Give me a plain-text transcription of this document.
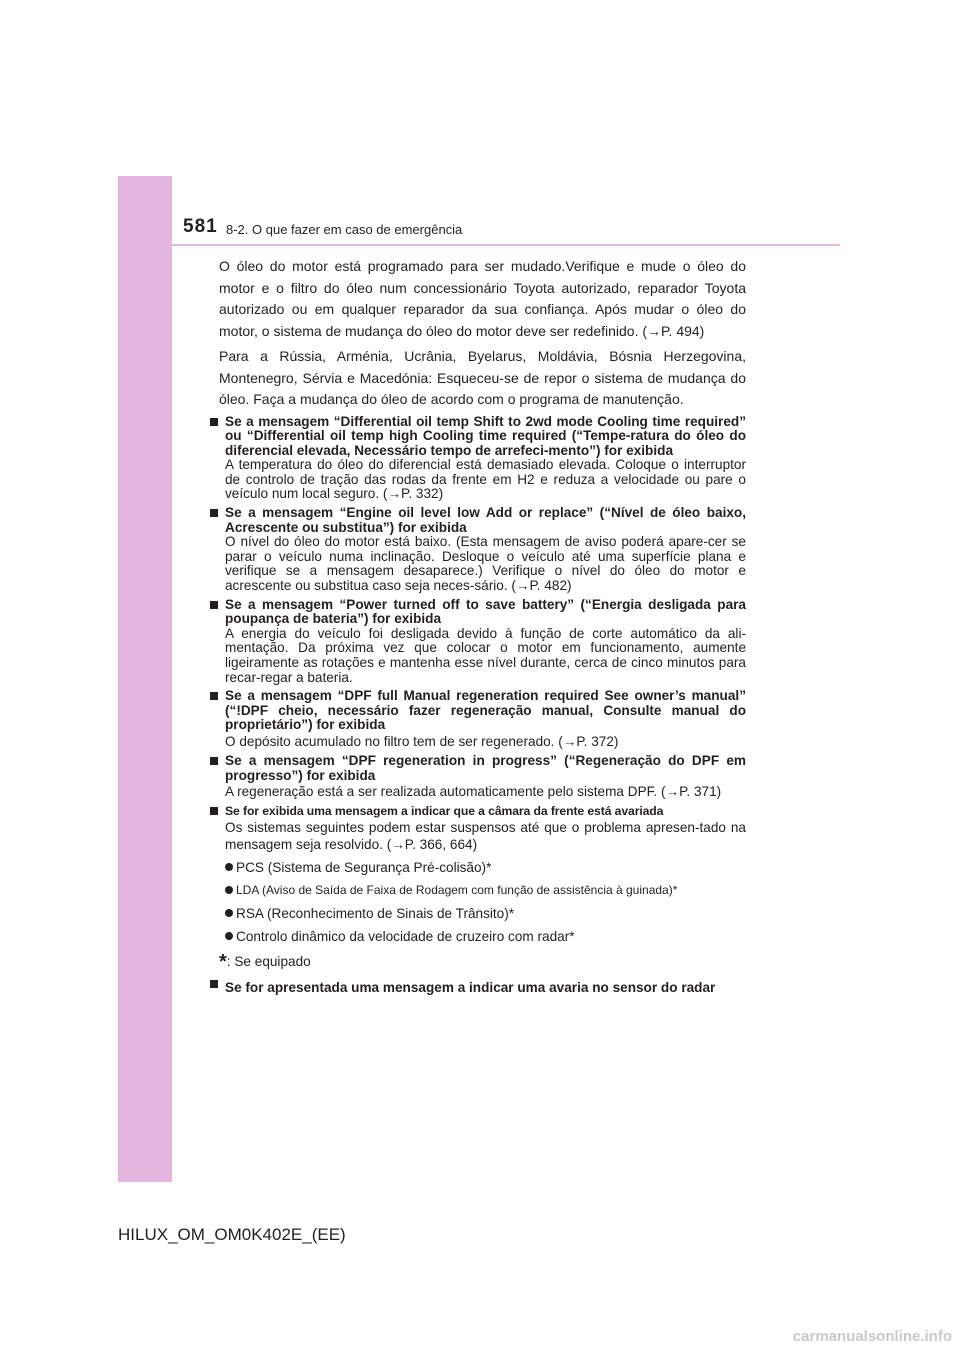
581 8-2. O que fazer em caso de emergência

O óleo do motor está programado para ser mudado.Verifique e mude o óleo do motor e o filtro do óleo num concessionário Toyota autorizado, reparador Toyota autorizado ou em qualquer reparador da sua confiança. Após mudar o óleo do motor, o sistema de mudança do óleo do motor deve ser redefinido. (→P. 494)

Para a Rússia, Arménia, Ucrânia, Byelarus, Moldávia, Bósnia Herzegovina, Montenegro, Sérvia e Macedónia: Esqueceu-se de repor o sistema de mudança do óleo. Faça a mudança do óleo de acordo com o programa de manutenção.

Se a mensagem “Differential oil temp Shift to 2wd mode Cooling time required” ou “Differential oil temp high Cooling time required (“Tempe-ratura do óleo do diferencial elevada, Necessário tempo de arrefeci-mento”) for exibida
A temperatura do óleo do diferencial está demasiado elevada. Coloque o interruptor de controlo de tração das rodas da frente em H2 e reduza a velocidade ou pare o veículo num local seguro. (→P. 332)
Se a mensagem “Engine oil level low Add or replace” (“Nível de óleo baixo, Acrescente ou substitua”) for exibida
O nível do óleo do motor está baixo. (Esta mensagem de aviso poderá apare-cer se parar o veículo numa inclinação. Desloque o veículo até uma superfície plana e verifique se a mensagem desaparece.) Verifique o nível do óleo do motor e acrescente ou substitua caso seja neces-sário. (→P. 482)
Se a mensagem “Power turned off to save battery” (“Energia desligada para poupança de bateria”) for exibida
A energia do veículo foi desligada devido à função de corte automático da ali-mentação. Da próxima vez que colocar o motor em funcionamento, aumente ligeiramente as rotações e mantenha esse nível durante, cerca de cinco minutos para recar-regar a bateria.
Se a mensagem “DPF full Manual regeneration required See owner’s manual” (“!DPF cheio, necessário fazer regeneração manual, Consulte manual do proprietário”) for exibida
O depósito acumulado no filtro tem de ser regenerado. (→P. 372)
Se a mensagem “DPF regeneration in progress” (“Regeneração do DPF em progresso”) for exibida
A regeneração está a ser realizada automaticamente pelo sistema DPF. (→P. 371)
Se for exibida uma mensagem a indicar que a câmara da frente está avariada
Os sistemas seguintes podem estar suspensos até que o problema apresen-tado na mensagem seja resolvido. (→P. 366, 664)
PCS (Sistema de Segurança Pré-colisão)*
LDA (Aviso de Saída de Faixa de Rodagem com função de assistência à guinada)*
RSA (Reconhecimento de Sinais de Trânsito)*
Controlo dinâmico da velocidade de cruzeiro com radar*
*: Se equipado
Se for apresentada uma mensagem a indicar uma avaria no sensor do radar
HILUX_OM_OM0K402E_(EE)
carmanualsonline.info
